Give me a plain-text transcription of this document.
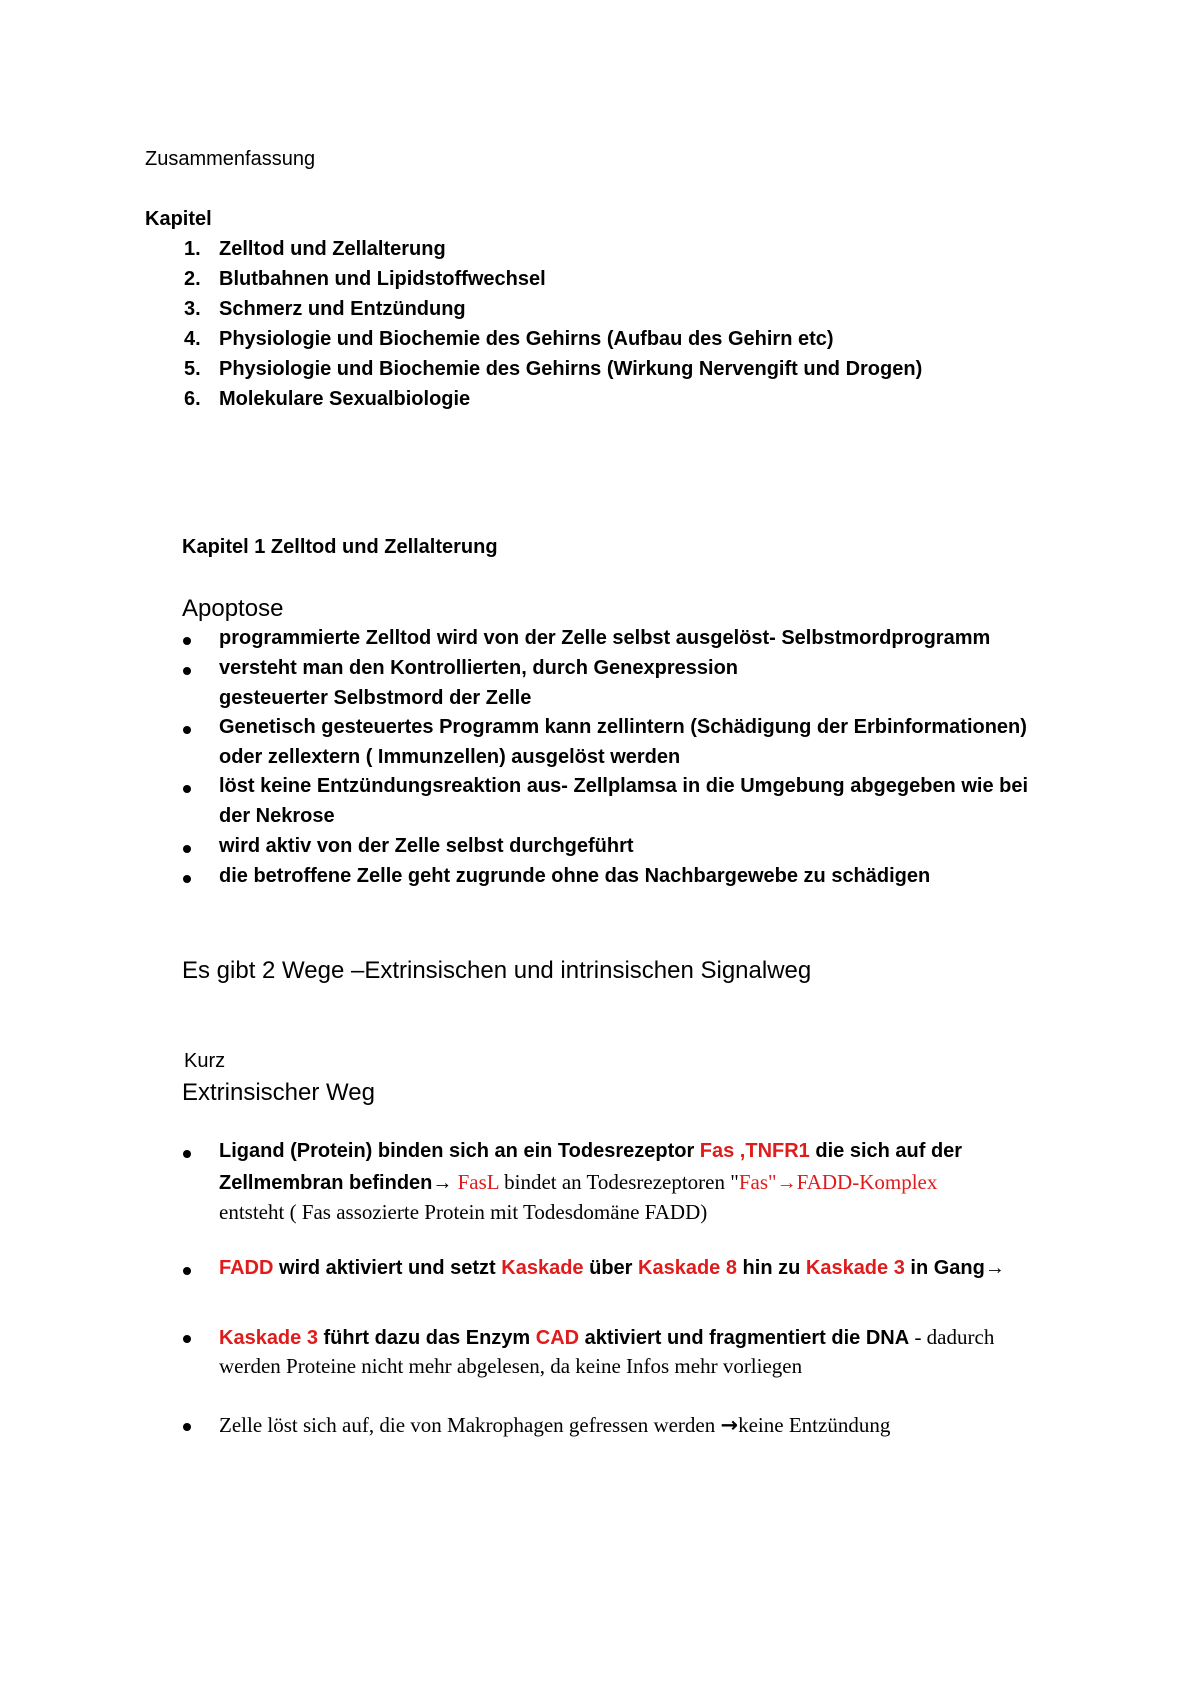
Zusammenfassung
Kapitel
1. Zelltod und Zellalterung
2. Blutbahnen und Lipidstoffwechsel
3. Schmerz und Entzündung
4. Physiologie und Biochemie des Gehirns (Aufbau des Gehirn etc)
5. Physiologie und Biochemie des Gehirns (Wirkung Nervengift und Drogen)
6. Molekulare Sexualbiologie
Kapitel 1 Zelltod und Zellalterung
Apoptose
programmierte Zelltod wird von der Zelle selbst ausgelöst- Selbstmordprogramm
versteht man den Kontrollierten, durch Genexpression
gesteuerter Selbstmord der Zelle
Genetisch gesteuertes Programm kann zellintern (Schädigung der Erbinformationen)
oder zellextern ( Immunzellen) ausgelöst werden
löst keine Entzündungsreaktion aus- Zellplamsa in die Umgebung abgegeben wie bei
der Nekrose
wird aktiv von der Zelle selbst durchgeführt
die betroffene Zelle geht zugrunde ohne das Nachbargewebe zu schädigen
Es gibt 2 Wege –Extrinsischen und intrinsischen Signalweg
Kurz
Extrinsischer Weg
Ligand (Protein) binden sich an ein Todesrezeptor Fas ,TNFR1 die sich auf der
Zellmembran befinden→ FasL bindet an Todesrezeptoren "Fas"→FADD-Komplex
entsteht ( Fas assozierte Protein mit Todesdomäne FADD)
FADD wird aktiviert und setzt Kaskade über Kaskade 8 hin zu Kaskade 3 in Gang→
Kaskade 3 führt dazu das Enzym CAD aktiviert und fragmentiert die DNA - dadurch
werden Proteine nicht mehr abgelesen, da keine Infos mehr vorliegen
Zelle löst sich auf, die von Makrophagen gefressen werden →keine Entzündung
